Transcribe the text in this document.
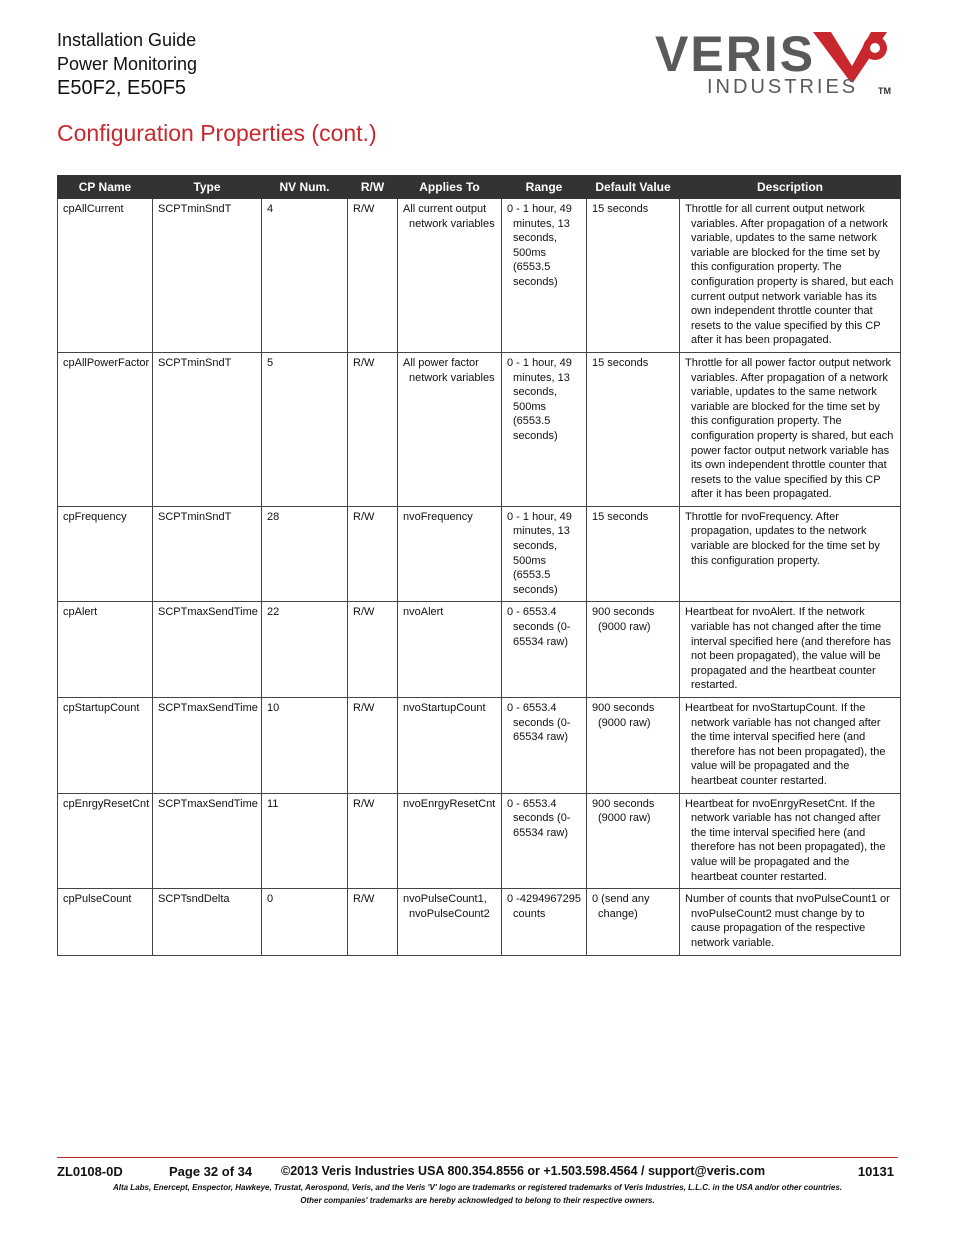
Installation Guide
Power Monitoring
E50F2, E50F5
VERIS
INDUSTRIES TM
Configuration Properties (cont.)
CP Name	Type	NV Num.	R/W	Applies To	Range	Default Value	Description
cpAllCurrent	SCPTminSndT	4	R/W	All current output network variables	0 - 1 hour, 49 minutes, 13 seconds, 500ms (6553.5 seconds)	15 seconds	Throttle for all current output network variables. After propagation of a network variable, updates to the same network variable are blocked for the time set by this configuration property. The configuration property is shared, but each current output network variable has its own independent throttle counter that resets to the value specified by this CP after it has been propagated.

cpAllPowerFactor	SCPTminSndT	5	R/W	All power factor network variables	0 - 1 hour, 49 minutes, 13 seconds, 500ms (6553.5 seconds)	15 seconds	Throttle for all power factor output network variables. After propagation of a network variable, updates to the same network variable are blocked for the time set by this configuration property. The configuration property is shared, but each power factor output network variable has its own independent throttle counter that resets to the value specified by this CP after it has been propagated.

cpFrequency	SCPTminSndT	28	R/W	nvoFrequency	0 - 1 hour, 49 minutes, 13 seconds, 500ms (6553.5 seconds)	15 seconds	Throttle for nvoFrequency. After propagation, updates to the network variable are blocked for the time set by this configuration property.

cpAlert	SCPTmaxSendTime	22	R/W	nvoAlert	0 - 6553.4 seconds (0-65534 raw)	900 seconds (9000 raw)	Heartbeat for nvoAlert. If the network variable has not changed after the time interval specified here (and therefore has not been propagated), the value will be propagated and the heartbeat counter restarted.

cpStartupCount	SCPTmaxSendTime	10	R/W	nvoStartupCount	0 - 6553.4 seconds (0-65534 raw)	900 seconds (9000 raw)	Heartbeat for nvoStartupCount. If the network variable has not changed after the time interval specified here (and therefore has not been propagated), the value will be propagated and the heartbeat counter restarted.

cpEnrgyResetCnt	SCPTmaxSendTime	11	R/W	nvoEnrgyResetCnt	0 - 6553.4 seconds (0-65534 raw)	900 seconds (9000 raw)	Heartbeat for nvoEnrgyResetCnt. If the network variable has not changed after the time interval specified here (and therefore has not been propagated), the value will be propagated and the heartbeat counter restarted.

cpPulseCount	SCPTsndDelta	0	R/W	nvoPulseCount1, nvoPulseCount2	0 -4294967295 counts	0 (send any change)	Number of counts that nvoPulseCount1 or nvoPulseCount2 must change by to cause propagation of the respective network variable.
ZL0108-0D	Page 32 of 34 ©2013 Veris Industries USA 800.354.8556 or +1.503.598.4564 / support@veris.com	10131
Alta Labs, Enercept, Enspector, Hawkeye, Trustat, Aerospond, Veris, and the Veris 'V' logo are trademarks or registered trademarks of Veris Industries, L.L.C. in the USA and/or other countries.
Other companies' trademarks are hereby acknowledged to belong to their respective owners.
